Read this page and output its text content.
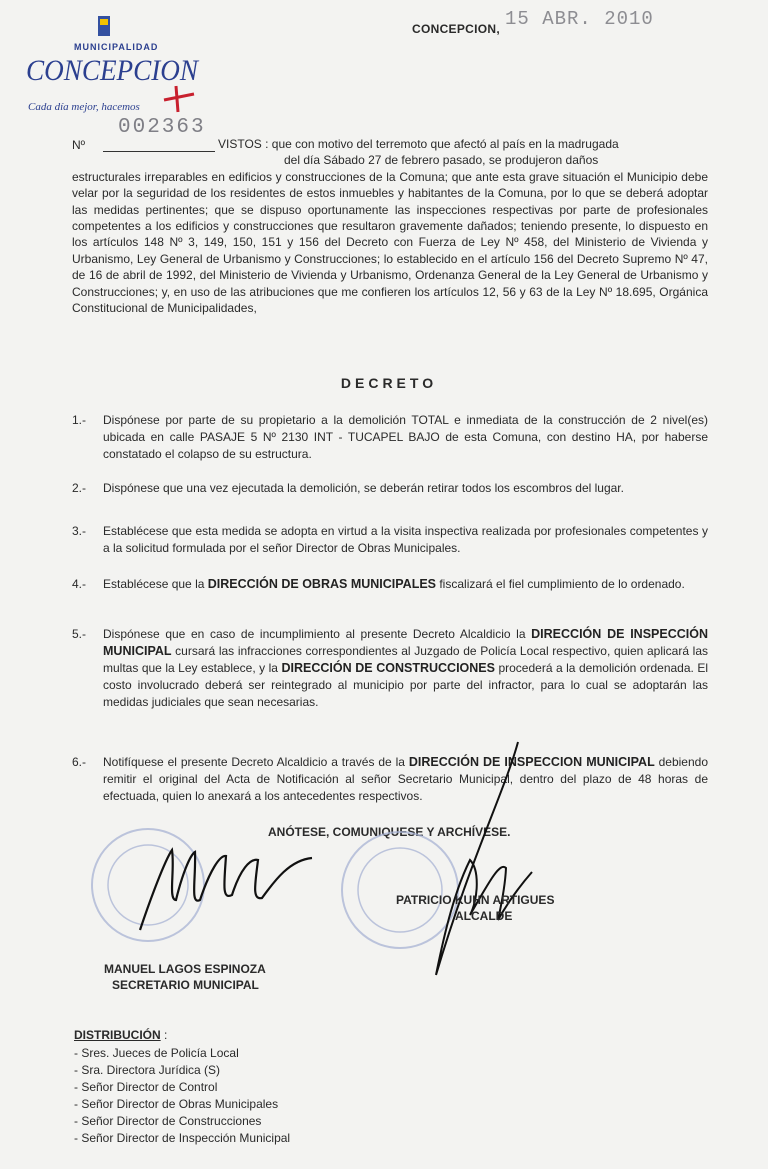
MUNICIPALIDAD
CONCEPCION
Cada día mejor, hacemos
CONCEPCION, 15 ABR. 2010
002363
Nº	VISTOS : que con motivo del terremoto que afectó al país en la madrugada
del día Sábado 27 de febrero pasado, se produjeron daños
estructurales irreparables en edificios y construcciones de la Comuna; que ante esta grave situación el Municipio debe velar por la seguridad de los residentes de estos inmuebles y habitantes de la Comuna, por lo que se deberá adoptar las medidas pertinentes; que se dispuso oportunamente las inspecciones respectivas por parte de profesionales competentes a los edificios y construcciones que resultaron gravemente dañados; teniendo presente, lo dispuesto en los artículos 148 Nº 3, 149, 150, 151 y 156 del Decreto con Fuerza de Ley Nº 458, del Ministerio de Vivienda y Urbanismo, Ley General de Urbanismo y Construcciones; lo establecido en el artículo 156 del Decreto Supremo Nº 47, de 16 de abril de 1992, del Ministerio de Vivienda y Urbanismo, Ordenanza General de la Ley General de Urbanismo y Construcciones; y, en uso de las atribuciones que me confieren los artículos 12, 56 y 63 de la Ley Nº 18.695, Orgánica Constitucional de Municipalidades,
DECRETO
1.- Dispónese por parte de su propietario a la demolición TOTAL e inmediata de la construcción de 2 nivel(es) ubicada en calle PASAJE 5 Nº 2130 INT - TUCAPEL BAJO de esta Comuna, con destino HA, por haberse constatado el colapso de su estructura.
2.- Dispónese que una vez ejecutada la demolición, se deberán retirar todos los escombros del lugar.
3.- Establécese que esta medida se adopta en virtud a la visita inspectiva realizada por profesionales competentes y a la solicitud formulada por el señor Director de Obras Municipales.
4.- Establécese que la DIRECCIÓN DE OBRAS MUNICIPALES fiscalizará el fiel cumplimiento de lo ordenado.
5.- Dispónese que en caso de incumplimiento al presente Decreto Alcaldicio la DIRECCIÓN DE INSPECCIÓN MUNICIPAL cursará las infracciones correspondientes al Juzgado de Policía Local respectivo, quien aplicará las multas que la Ley establece, y la DIRECCIÓN DE CONSTRUCCIONES procederá a la demolición ordenada. El costo involucrado deberá ser reintegrado al municipio por parte del infractor, para lo cual se adoptarán las medidas judiciales que sean necesarias.
6.- Notifíquese el presente Decreto Alcaldicio a través de la DIRECCIÓN DE INSPECCION MUNICIPAL debiendo remitir el original del Acta de Notificación al señor Secretario Municipal, dentro del plazo de 48 horas de efectuada, quien lo anexará a los antecedentes respectivos.
ANÓTESE, COMUNIQUESE Y ARCHÍVESE.
PATRICIO KUHN ARTIGUES
ALCALDE
MANUEL LAGOS ESPINOZA
SECRETARIO MUNICIPAL
DISTRIBUCIÓN :
- Sres. Jueces de Policía Local
- Sra. Directora Jurídica (S)
- Señor Director de Control
- Señor Director de Obras Municipales
- Señor Director de Construcciones
- Señor Director de Inspección Municipal
